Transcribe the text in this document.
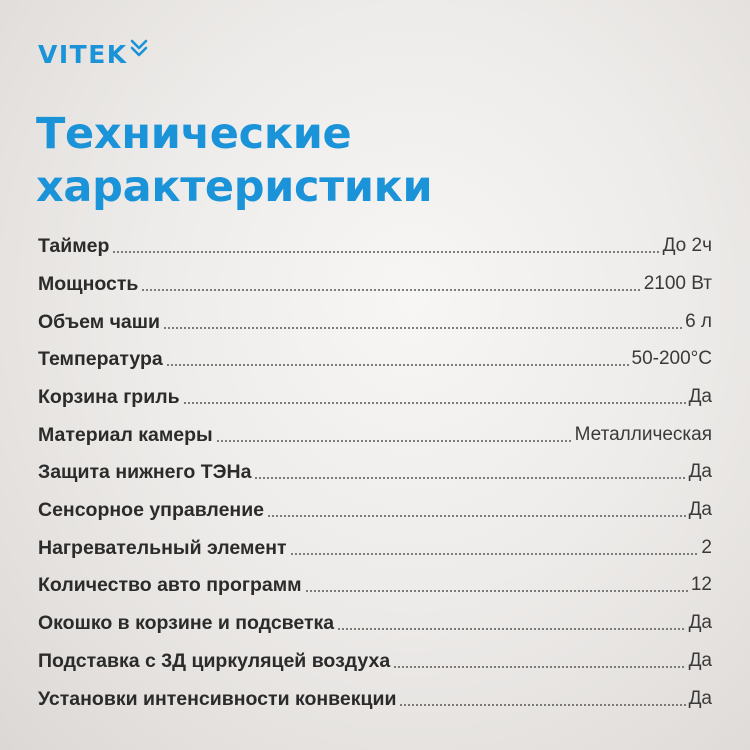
VITEK
Технические
характеристики
Таймер	До 2ч
Мощность	2100 Вт
Объем чаши	6 л
Температура	50-200°C
Корзина гриль	Да
Материал камеры	Металлическая
Защита нижнего ТЭНа	Да
Сенсорное управление	Да
Нагревательный элемент	2
Количество авто программ	12
Окошко в корзине и подсветка	Да
Подставка с 3Д циркуляцей воздуха	Да
Установки интенсивности конвекции	Да
